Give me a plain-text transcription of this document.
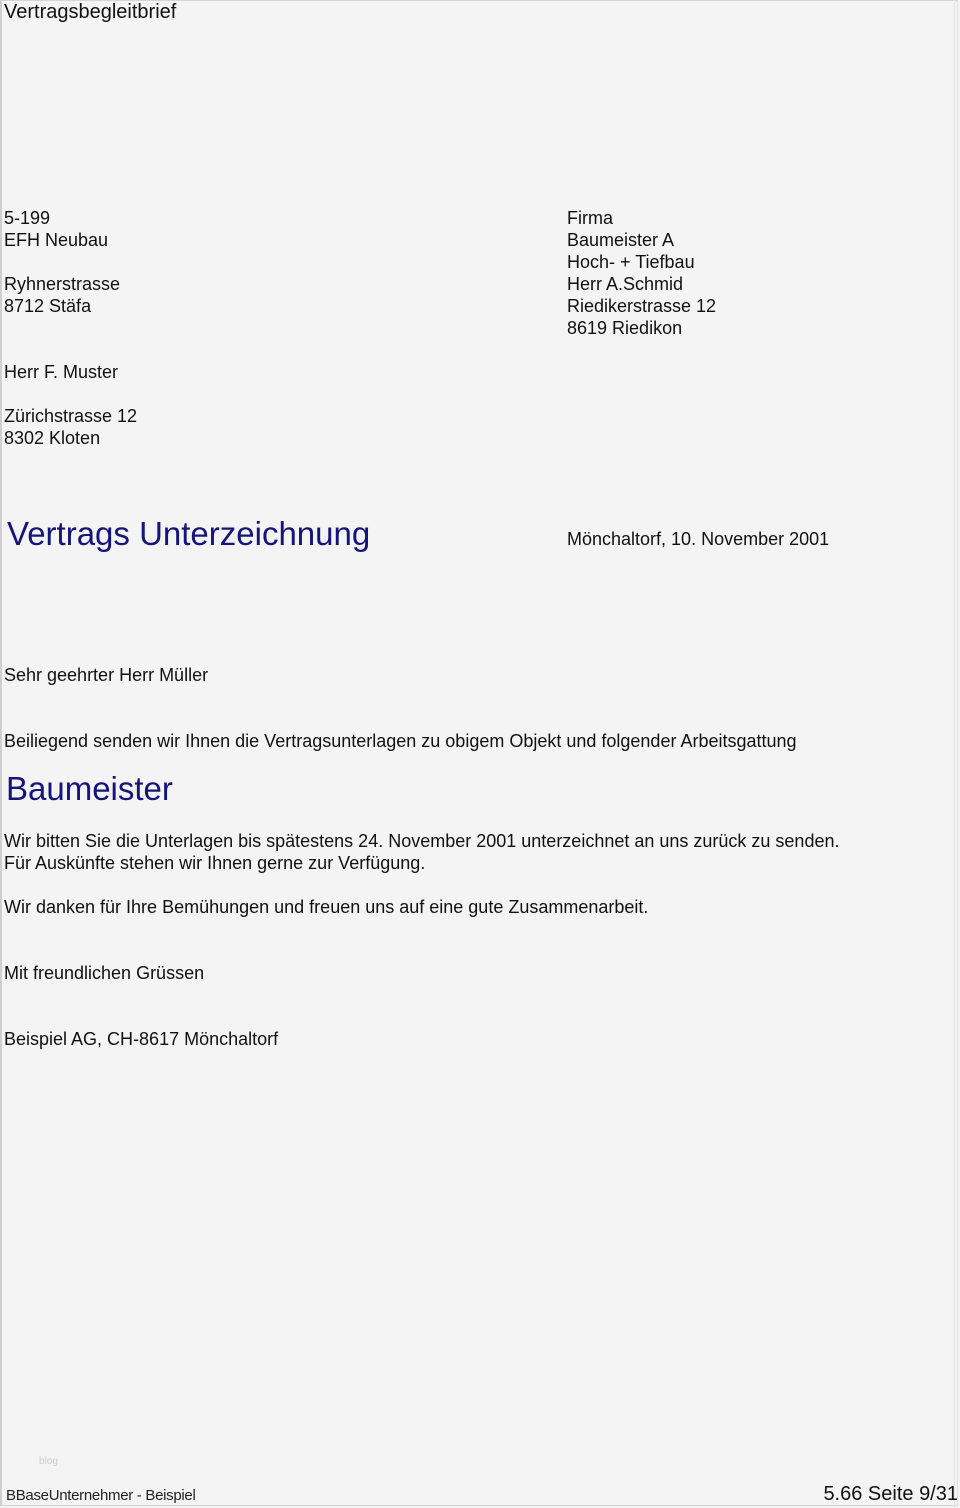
Vertragsbegleitbrief
5-199
EFH Neubau
Ryhnerstrasse
8712 Stäfa
Firma
Baumeister A
Hoch- + Tiefbau
Herr A.Schmid
Riedikerstrasse 12
8619 Riedikon
Herr F. Muster
Zürichstrasse 12
8302 Kloten
Vertrags Unterzeichnung	Mönchaltorf, 10. November 2001
Sehr geehrter Herr Müller
Beiliegend senden wir Ihnen die Vertragsunterlagen zu obigem Objekt und folgender Arbeitsgattung
Baumeister
Wir bitten Sie die Unterlagen bis spätestens 24. November 2001 unterzeichnet an uns zurück zu senden.
Für Auskünfte stehen wir Ihnen gerne zur Verfügung.
Wir danken für Ihre Bemühungen und freuen uns auf eine gute Zusammenarbeit.
Mit freundlichen Grüssen
Beispiel AG, CH-8617 Mönchaltorf
blog
BBaseUnternehmer - Beispiel	5.66 Seite 9/31
